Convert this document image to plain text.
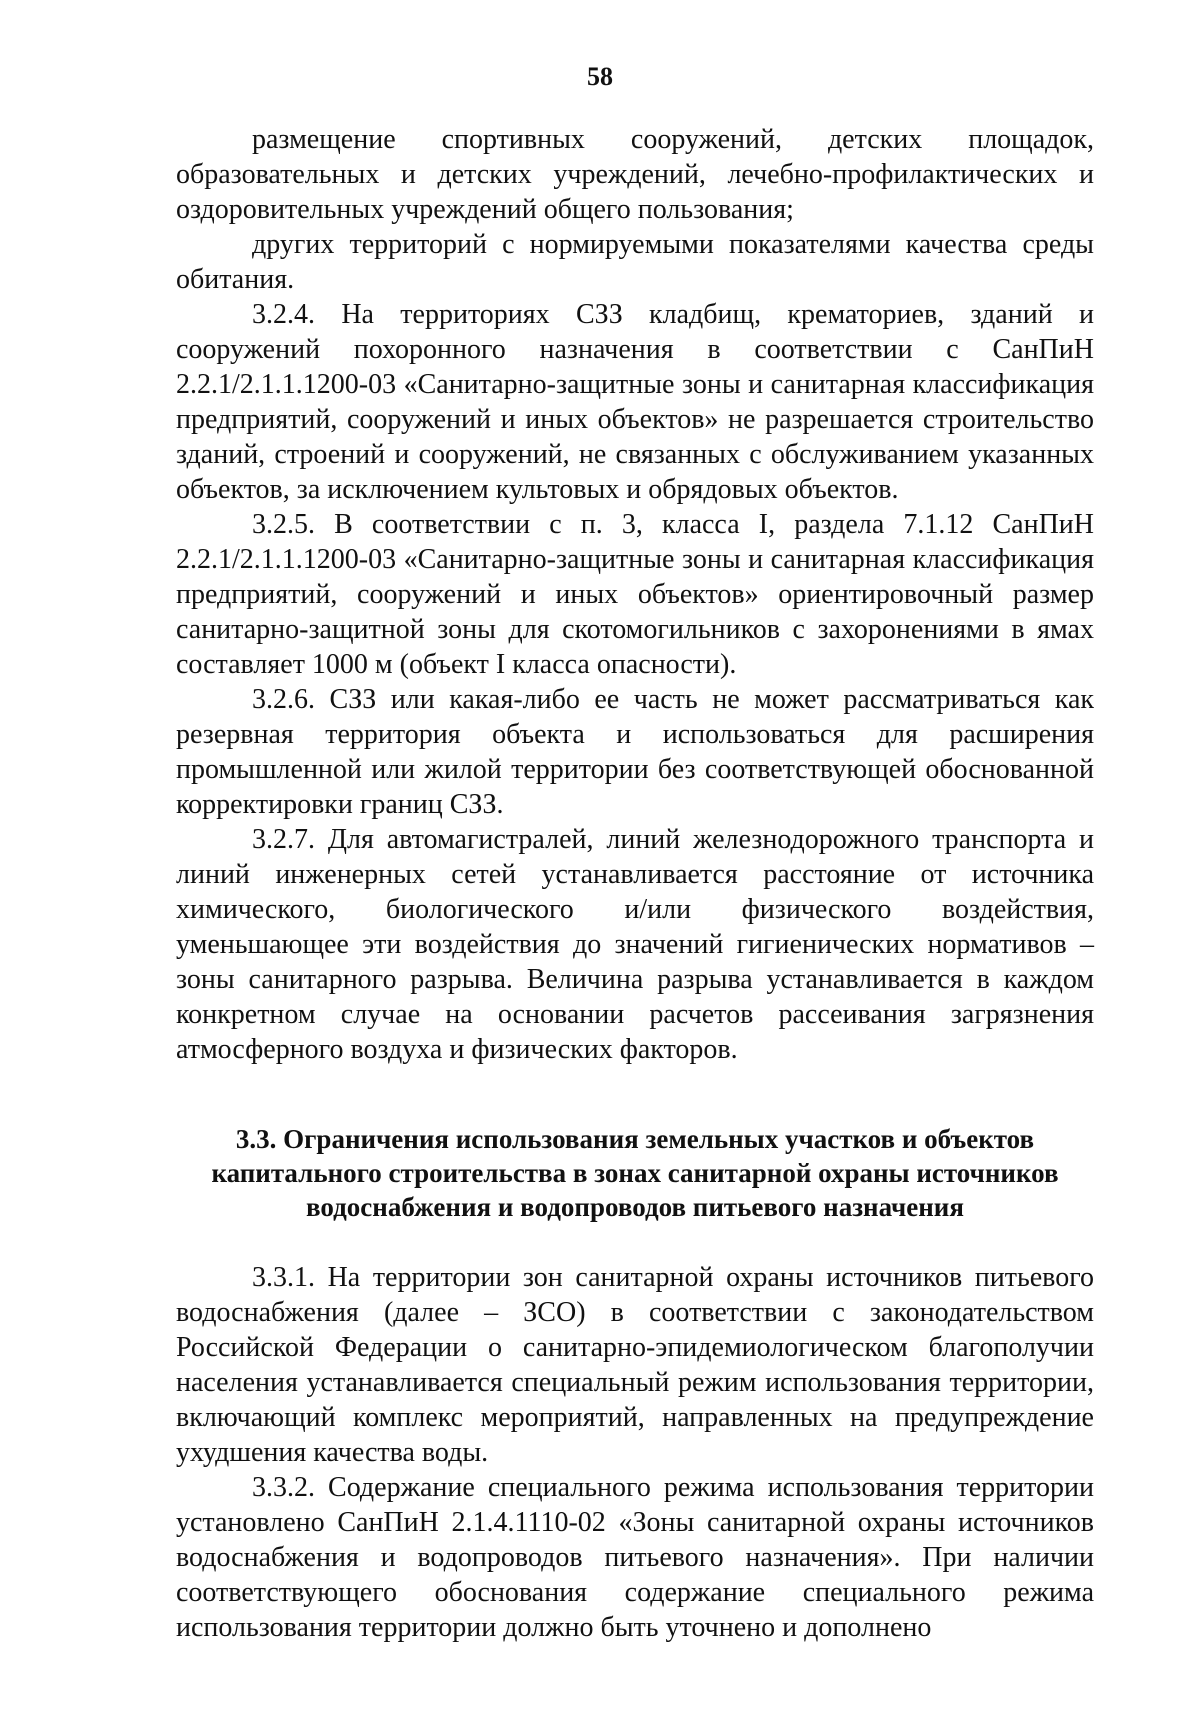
58

размещение спортивных сооружений, детских площадок, образовательных и детских учреждений, лечебно-профилактических и оздоровительных учреждений общего пользования;

других территорий с нормируемыми показателями качества среды обитания.

3.2.4. На территориях СЗЗ кладбищ, крематориев, зданий и сооружений похоронного назначения в соответствии с СанПиН 2.2.1/2.1.1.1200-03 «Санитарно-защитные зоны и санитарная классификация предприятий, сооружений и иных объектов» не разрешается строительство зданий, строений и сооружений, не связанных с обслуживанием указанных объектов, за исключением культовых и обрядовых объектов.

3.2.5. В соответствии с п. 3, класса I, раздела 7.1.12 СанПиН 2.2.1/2.1.1.1200-03 «Санитарно-защитные зоны и санитарная классификация предприятий, сооружений и иных объектов» ориентировочный размер санитарно-защитной зоны для скотомогильников с захоронениями в ямах составляет 1000 м (объект I класса опасности).

3.2.6. СЗЗ или какая-либо ее часть не может рассматриваться как резервная территория объекта и использоваться для расширения промышленной или жилой территории без соответствующей обоснованной корректировки границ СЗЗ.

3.2.7. Для автомагистралей, линий железнодорожного транспорта и линий инженерных сетей устанавливается расстояние от источника химического, биологического и/или физического воздействия, уменьшающее эти воздействия до значений гигиенических нормативов – зоны санитарного разрыва. Величина разрыва устанавливается в каждом конкретном случае на основании расчетов рассеивания загрязнения атмосферного воздуха и физических факторов.

3.3. Ограничения использования земельных участков и объектов
капитального строительства в зонах санитарной охраны источников
водоснабжения и водопроводов питьевого назначения

3.3.1. На территории зон санитарной охраны источников питьевого водоснабжения (далее – ЗСО) в соответствии с законодательством Российской Федерации о санитарно-эпидемиологическом благополучии населения устанавливается специальный режим использования территории, включающий комплекс мероприятий, направленных на предупреждение ухудшения качества воды.

3.3.2. Содержание специального режима использования территории установлено СанПиН 2.1.4.1110-02 «Зоны санитарной охраны источников водоснабжения и водопроводов питьевого назначения». При наличии соответствующего обоснования содержание специального режима использования территории должно быть уточнено и дополнено
